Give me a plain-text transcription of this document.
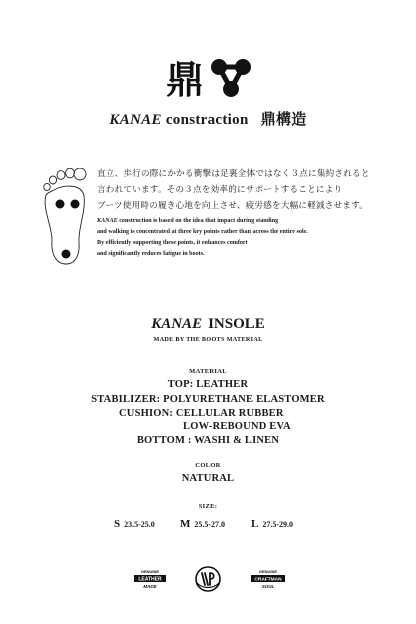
鼎
KANAE constraction 鼎構造
直立、歩行の際にかかる衝撃は足裏全体ではなく３点に集約されると
言われています。その３点を効率的にサポートすることにより
ブーツ使用時の履き心地を向上させ、疲労感を大幅に軽減させます。
KANAE construction is based on the idea that impact during standing
and walking is concentrated at three key points rather than across the entire sole.
By efficiently supporting these points, it enhances comfort
and significantly reduces fatigue in boots.
KANAE INSOLE
MADE BY THE BOOTS MATERIAL
MATERIAL
TOP: LEATHER
STABILIZER: POLYURETHANE ELASTOMER
CUSHION: CELLULAR RUBBER
LOW-REBOUND EVA
BOTTOM : WASHI & LINEN
COLOR
NATURAL
SIZE:
S 23.5-25.0 M 25.5-27.0 L 27.5-29.0
GENUINE
LEATHER
MADE
GENUINE
CRAFTMAN
SOUL
